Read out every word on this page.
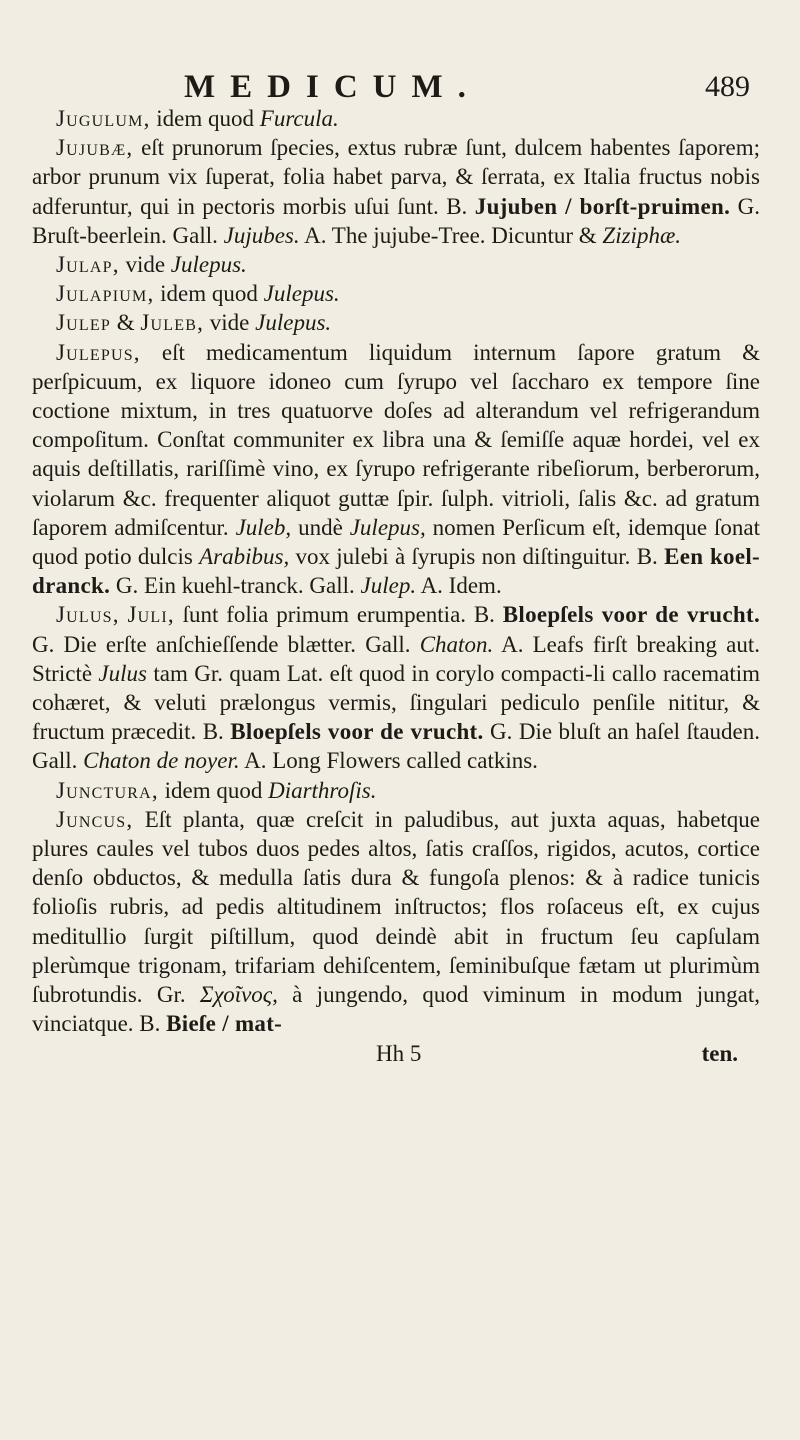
MEDICUM.	489

Jugulum, idem quod Furcula.

Jujubæ, eſt prunorum ſpecies, extus rubræ ſunt, dulcem habentes ſaporem; arbor prunum vix ſuperat, folia habet parva, & ſerrata, ex Italia fructus nobis adferuntur, qui in pectoris morbis uſui ſunt. B. Jujuben / borſt-pruimen. G. Bruſt-beerlein. Gall. Jujubes. A. The jujube-Tree. Dicuntur & Ziziphæ.

Julap, vide Julepus.

Julapium, idem quod Julepus.

Julep & Juleb, vide Julepus.

Julepus, eſt medicamentum liquidum internum ſapore gratum & perſpicuum, ex liquore idoneo cum ſyrupo vel ſaccharo ex tempore ſine coctione mixtum, in tres quatuorve doſes ad alterandum vel refrigerandum compoſitum. Conſtat communiter ex libra una & ſemiſſe aquæ hordei, vel ex aquis deſtillatis, rariſſimè vino, ex ſyrupo refrigerante ribeſiorum, berberorum, violarum &c. frequenter aliquot guttæ ſpir. ſulph. vitrioli, ſalis &c. ad gratum ſaporem admiſcentur. Juleb, undè Julepus, nomen Perſicum eſt, idemque ſonat quod potio dulcis Arabibus, vox julebi à ſyrupis non diſtinguitur. B. Een koel-dranck. G. Ein kuehl-tranck. Gall. Julep. A. Idem.

Julus, Juli, ſunt folia primum erumpentia. B. Bloepſels voor de vrucht. G. Die erſte anſchieſſende blætter. Gall. Chaton. A. Leafs firſt breaking aut. Strictè Julus tam Gr. quam Lat. eſt quod in corylo compacti-li callo racematim cohæret, & veluti prælongus vermis, ſingulari pediculo penſile nititur, & fructum præcedit. B. Bloepſels voor de vrucht. G. Die bluſt an haſel ſtauden. Gall. Chaton de noyer. A. Long Flowers called catkins.

Junctura, idem quod Diarthroſis.

Juncus, Eſt planta, quæ creſcit in paludibus, aut juxta aquas, habetque plures caules vel tubos duos pedes altos, ſatis craſſos, rigidos, acutos, cortice denſo obductos, & medulla ſatis dura & fungoſa plenos: & à radice tunicis folioſis rubris, ad pedis altitudinem inſtructos; flos roſaceus eſt, ex cujus meditullio ſurgit piſtillum, quod deindè abit in fructum ſeu capſulam plerùmque trigonam, trifariam dehiſcentem, ſeminibuſque fætam ut plurimùm ſubrotundis. Gr. Σχοῖνος, à jungendo, quod viminum in modum jungat, vinciatque. B. Bieſe / mat-

Hh 5	ten.
